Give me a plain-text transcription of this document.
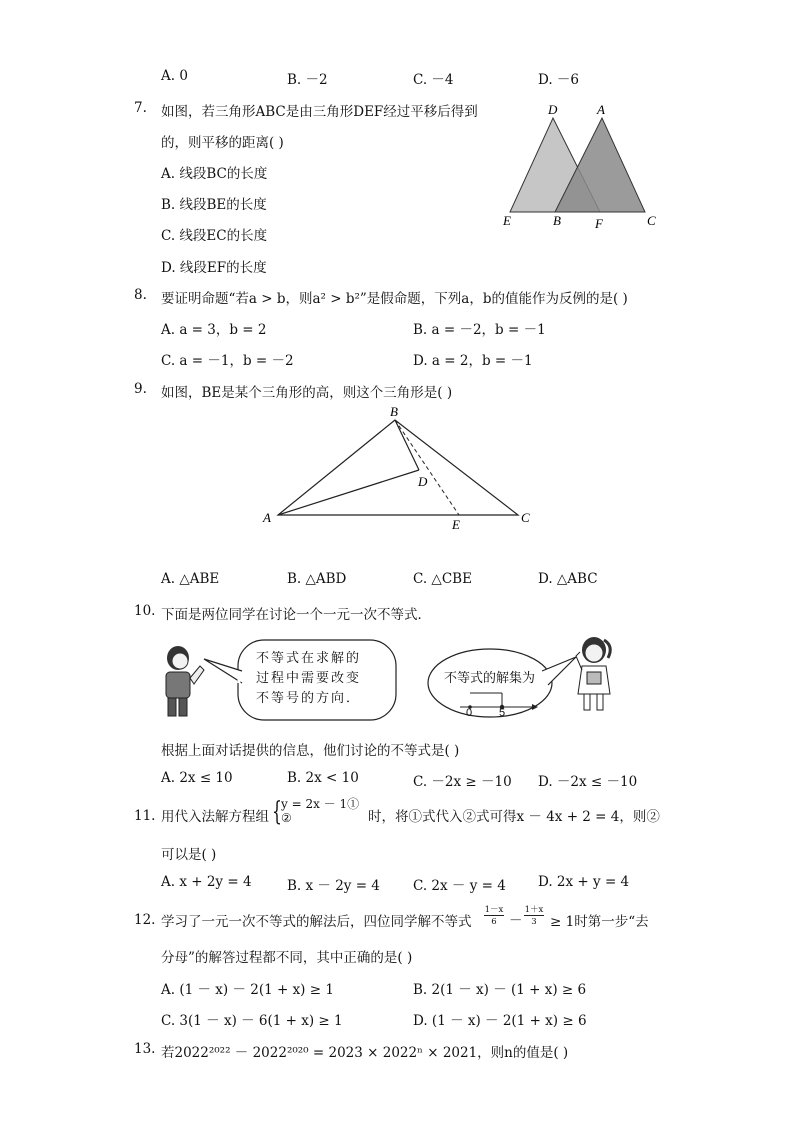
A. 0	B. －2	C. －4	D. －6
7. 如图，若三角形ABC是由三角形DEF经过平移后得到
的，则平移的距离( )
A. 线段BC的长度
B. 线段BE的长度
C. 线段EC的长度
D. 线段EF的长度
D	A
E	B	F	C
8. 要证明命题“若a > b，则a² > b²”是假命题，下列a，b的值能作为反例的是( )
A. a = 3，b = 2	B. a = －2，b = －1
C. a = －1，b = －2	D. a = 2，b = －1
9. 如图，BE是某个三角形的高，则这个三角形是( )
B
D
A	E	C
A. △ABE	B. △ABD	C. △CBE	D. △ABC
10. 下面是两位同学在讨论一个一元一次不等式．
不等式在求解的
过程中需要改变
不等号的方向．
不等式的解集为
0 5
根据上面对话提供的信息，他们讨论的不等式是( )
A. 2x ≤ 10	B. 2x < 10	C. －2x ≥ －10 D. －2x ≤ －10
11. 用代入法解方程组 { y = 2x － 1①
②	时，将①式代入②式可得x － 4x + 2 = 4，则②
可以是( )
A. x + 2y = 4	B. x － 2y = 4 C. 2x － y = 4 D. 2x + y = 4
12. 学习了一元一次不等式的解法后，四位同学解不等式
1－x
6 －
1＋x
3 ≥ 1时第一步“去
分母”的解答过程都不同，其中正确的是( )
A. (1 － x) － 2(1 + x) ≥ 1	B. 2(1 － x) － (1 + x) ≥ 6
C. 3(1 － x) － 6(1 + x) ≥ 1	D. (1 － x) － 2(1 + x) ≥ 6
13. 若2022²⁰²² － 2022²⁰²⁰ = 2023 × 2022ⁿ × 2021，则n的值是( )
